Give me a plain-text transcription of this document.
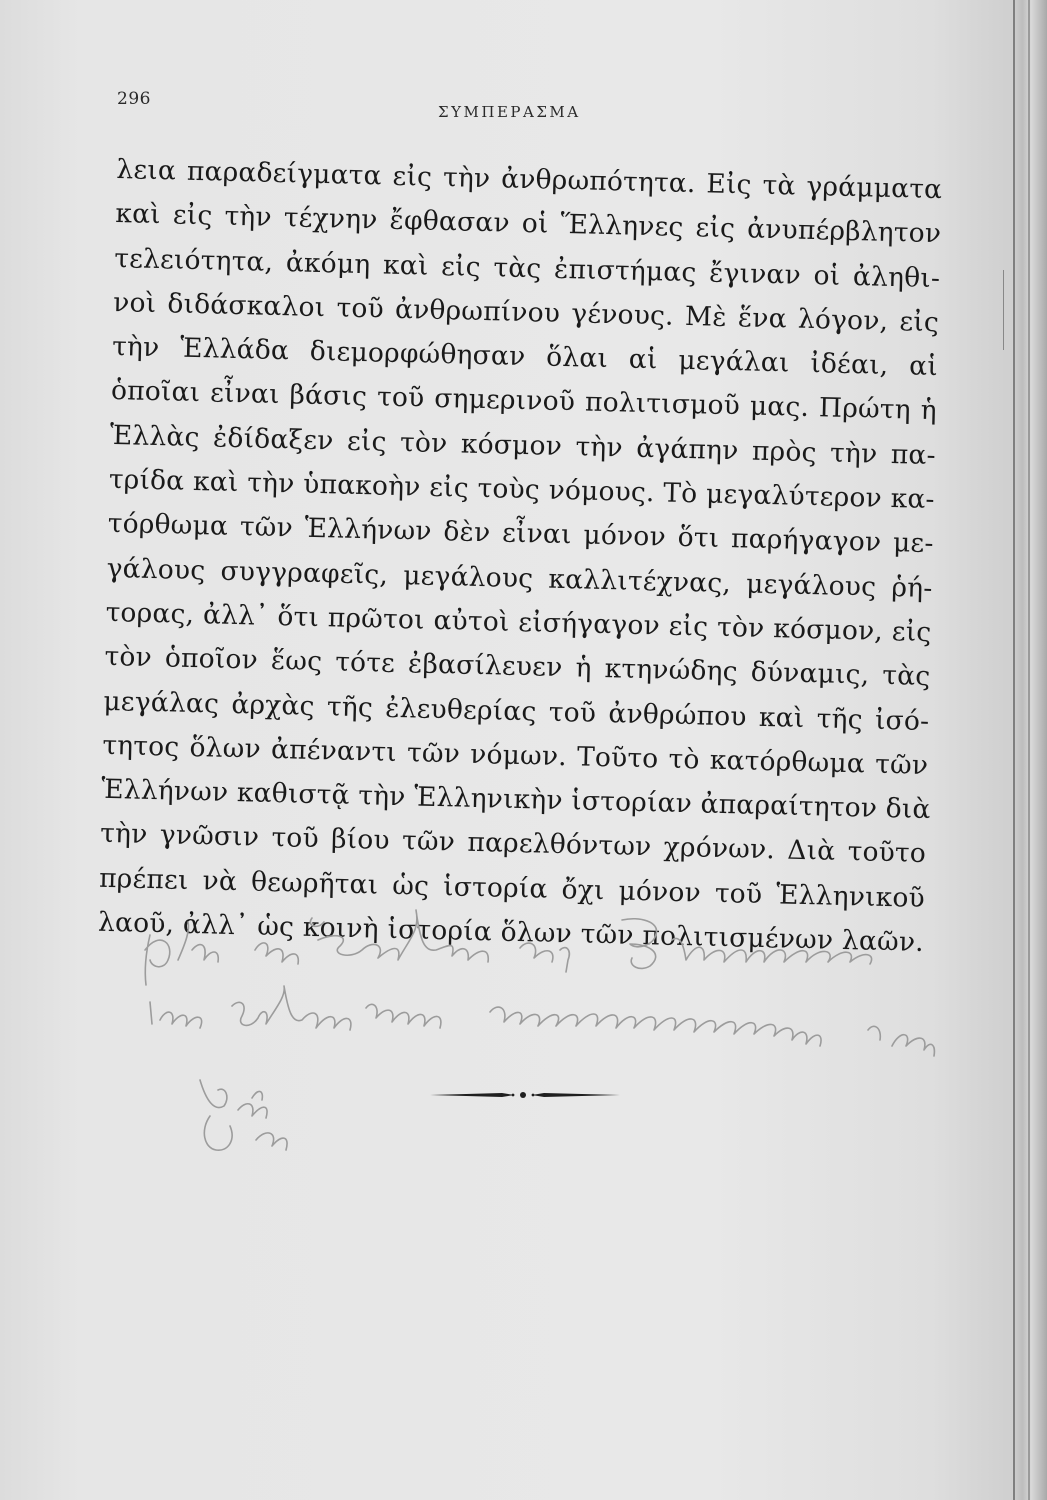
296
ΣΥΜΠΕΡΑΣΜΑ
λεια παραδείγματα εἰς τὴν ἀνθρωπότητα. Εἰς τὰ γράμματα
καὶ εἰς τὴν τέχνην ἔφθασαν οἱ Ἕλληνες εἰς ἀνυπέρβλητον
τελειότητα, ἀκόμη καὶ εἰς τὰς ἐπιστήμας ἔγιναν οἱ ἀληθι-
νοὶ διδάσκαλοι τοῦ ἀνθρωπίνου γένους. Μὲ ἕνα λόγον, εἰς
τὴν Ἑλλάδα διεμορφώθησαν ὅλαι αἱ μεγάλαι ἰδέαι, αἱ
ὁποῖαι εἶναι βάσις τοῦ σημερινοῦ πολιτισμοῦ μας. Πρώτη ἡ
Ἑλλὰς ἐδίδαξεν εἰς τὸν κόσμον τὴν ἀγάπην πρὸς τὴν πα-
τρίδα καὶ τὴν ὑπακοὴν εἰς τοὺς νόμους. Τὸ μεγαλύτερον κα-
τόρθωμα τῶν Ἑλλήνων δὲν εἶναι μόνον ὅτι παρήγαγον με-
γάλους συγγραφεῖς, μεγάλους καλλιτέχνας, μεγάλους ῥή-
τορας, ἀλλ᾽ ὅτι πρῶτοι αὐτοὶ εἰσήγαγον εἰς τὸν κόσμον, εἰς
τὸν ὁποῖον ἕως τότε ἐβασίλευεν ἡ κτηνώδης δύναμις, τὰς
μεγάλας ἀρχὰς τῆς ἐλευθερίας τοῦ ἀνθρώπου καὶ τῆς ἰσό-
τητος ὅλων ἀπέναντι τῶν νόμων. Τοῦτο τὸ κατόρθωμα τῶν
Ἑλλήνων καθιστᾷ τὴν Ἑλληνικὴν ἱστορίαν ἀπαραίτητον διὰ
τὴν γνῶσιν τοῦ βίου τῶν παρελθόντων χρόνων. Διὰ τοῦτο
πρέπει νὰ θεωρῆται ὡς ἱστορία ὄχι μόνον τοῦ Ἑλληνικοῦ
λαοῦ, ἀλλ᾽ ὡς κοινὴ ἱστορία ὅλων τῶν πολιτισμένων λαῶν.
